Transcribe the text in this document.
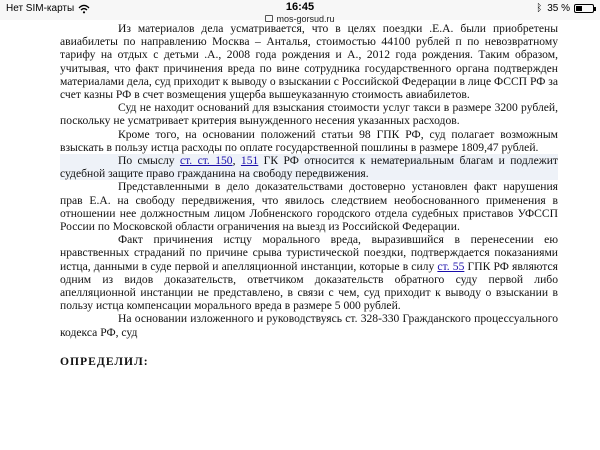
Нет SIM-карты	16:45	ᛒ 35 %
mos-gorsud.ru

Из материалов дела усматривается, что в целях поездки .Е.А. были приобретены авиабилеты по направлению Москва – Анталья, стоимостью 44100 рублей п по невозвратному тарифу на отдых с детьми .А., 2008 года рождения и А., 2012 года рождения. Таким образом, учитывая, что факт причинения вреда по вине сотрудника государственного органа подтвержден материалами дела, суд приходит к выводу о взыскании с Российской Федерации в лице ФССП РФ за счет казны РФ в счет возмещения ущерба вышеуказанную стоимость авиабилетов.

Суд не находит оснований для взыскания стоимости услуг такси в размере 3200 рублей, поскольку не усматривает критерия вынужденного несения указанных расходов.

Кроме того, на основании положений статьи 98 ГПК РФ, суд полагает возможным взыскать в пользу истца расходы по оплате государственной пошлины в размере 1809,47 рублей.

По смыслу ст. ст. 150, 151 ГК РФ относится к нематериальным благам и подлежит судебной защите право гражданина на свободу передвижения.

Представленными в дело доказательствами достоверно установлен факт нарушения прав Е.А. на свободу передвижения, что явилось следствием необоснованного применения в отношении нее должностным лицом Лобненского городского отдела судебных приставов УФССП России по Московской области ограничения на выезд из Российской Федерации.

Факт причинения истцу морального вреда, выразившийся в перенесении ею нравственных страданий по причине срыва туристической поездки, подтверждается показаниями истца, данными в суде первой и апелляционной инстанции, которые в силу ст. 55 ГПК РФ являются одним из видов доказательств, ответчиком доказательств обратного суду первой либо апелляционной инстанции не представлено, в связи с чем, суд приходит к выводу о взыскании в пользу истца компенсации морального вреда в размере 5 000 рублей.

На основании изложенного и руководствуясь ст. 328-330 Гражданского процессуального кодекса РФ, суд

ОПРЕДЕЛИЛ:
